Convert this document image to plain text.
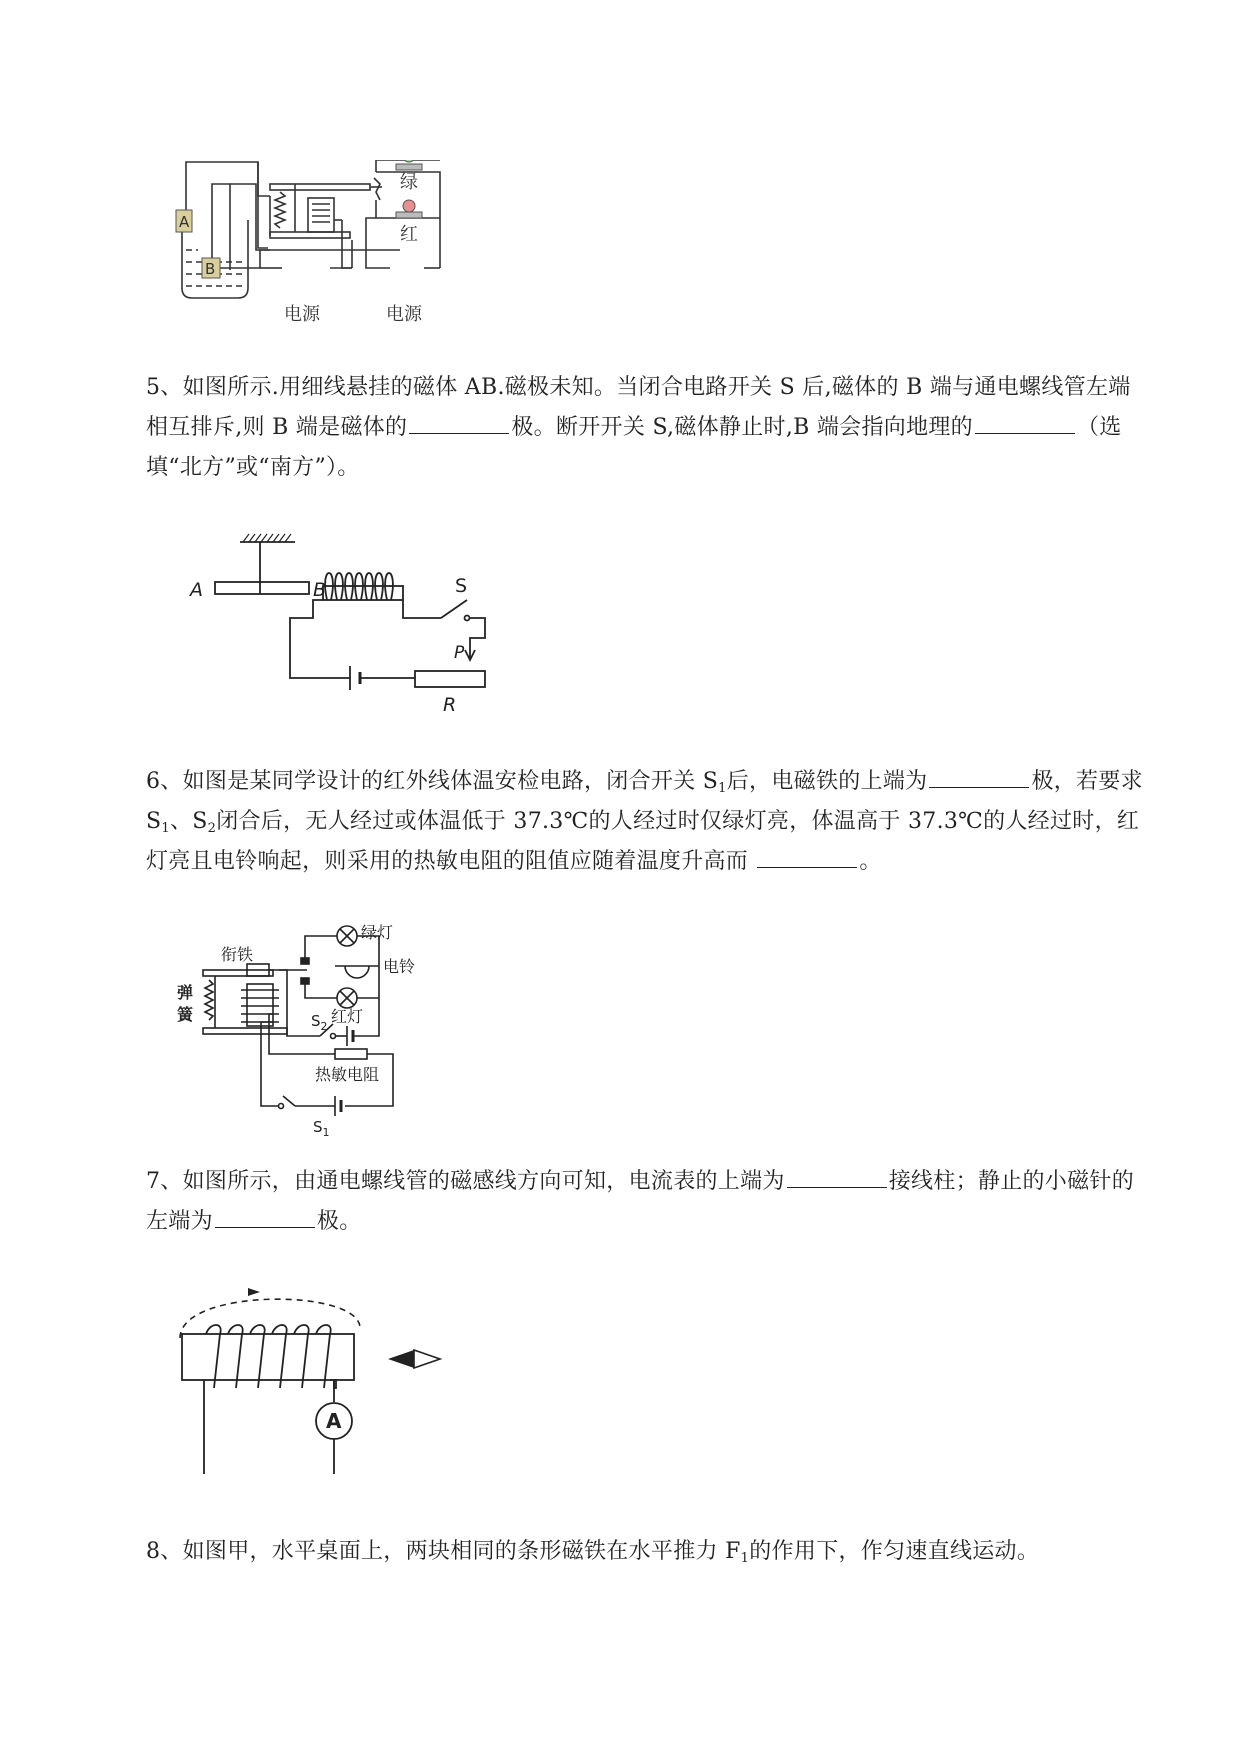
A
B
绿
红
电源	电源

5、如图所示.用细线悬挂的磁体 AB.磁极未知。当闭合电路开关 S 后,磁体的 B 端与通电螺线管左端相互排斥,则 B 端是磁体的	极。断开开关 S,磁体静止时,B 端会指向地理的	（选填“北方”或“南方”）。

A	B	S
P
R

6、如图是某同学设计的红外线体温安检电路，闭合开关 $S_1$后，电磁铁的上端为	极，若要求 $S_1$、$S_2$闭合后，无人经过或体温低于 37.3℃的人经过时仅绿灯亮，体温高于 37.3℃的人经过时，红灯亮且电铃响起，则采用的热敏电阻的阻值应随着温度升高而	。

衔铁
弹
簧
绿灯
电铃
红灯
$S_2$
热敏电阻
$S_1$

7、如图所示，由通电螺线管的磁感线方向可知，电流表的上端为	接线柱；静止的小磁针的左端为	极。

A

8、如图甲，水平桌面上，两块相同的条形磁铁在水平推力 $F_1$的作用下，作匀速直线运动。
